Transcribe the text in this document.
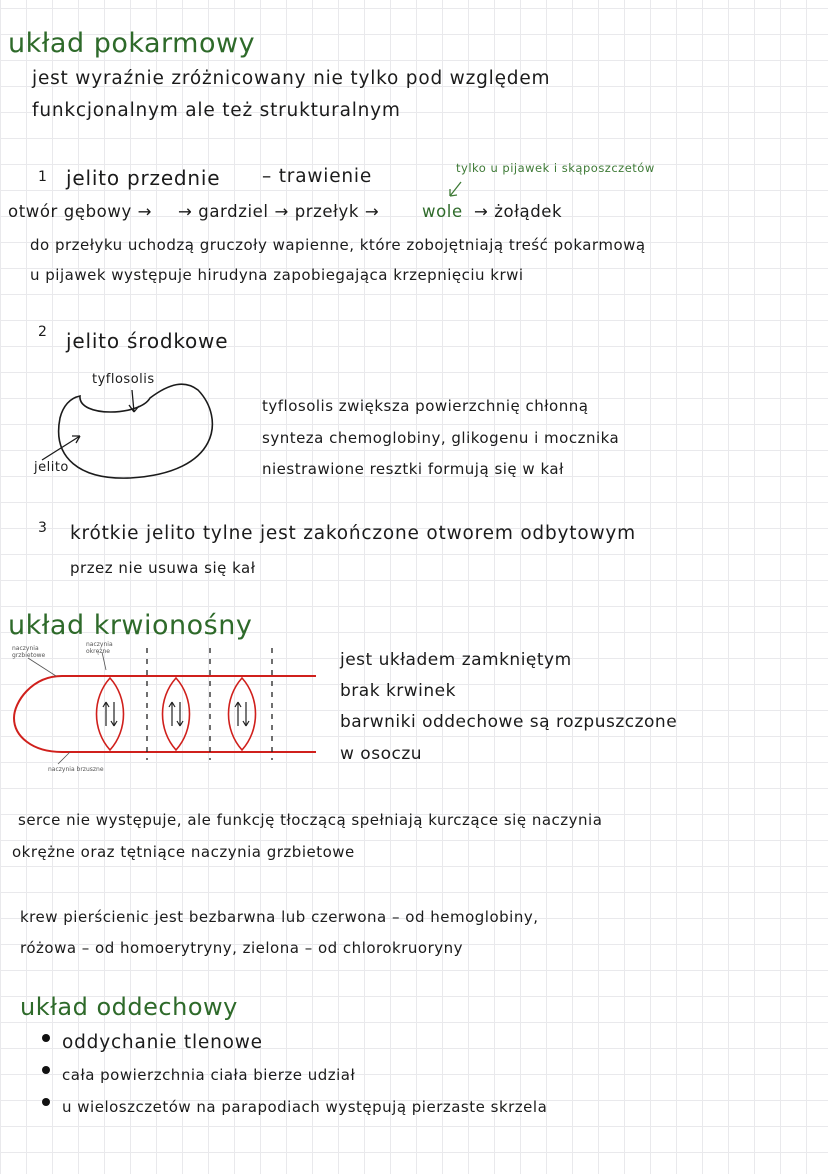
układ pokarmowy
jest wyraźnie zróżnicowany nie tylko pod względem
funkcjonalnym ale też strukturalnym
1 jelito przednie – trawienie	tylko u pijawek i skąposzczetów
otwór gębowy → → gardziel → przełyk →	wole → żołądek
do przełyku uchodzą gruczoły wapienne, które zobojętniają treść pokarmową
u pijawek występuje hirudyna zapobiegająca krzepnięciu krwi
2 jelito środkowe
tyflosolis
jelito
tyflosolis zwiększa powierzchnię chłonną
synteza chemoglobiny, glikogenu i mocznika
niestrawione resztki formują się w kał
3 krótkie jelito tylne jest zakończone otworem odbytowym
przez nie usuwa się kał
układ krwionośny
naczynia grzbietowe
naczynia okrężne
naczynia brzuszne
jest układem zamkniętym
brak krwinek
barwniki oddechowe są rozpuszczone
w osoczu
serce nie występuje, ale funkcję tłoczącą spełniają kurczące się naczynia
okrężne oraz tętniące naczynia grzbietowe
krew pierścienic jest bezbarwna lub czerwona – od hemoglobiny,
różowa – od homoerytryny, zielona – od chlorokruoryny
układ oddechowy
oddychanie tlenowe
cała powierzchnia ciała bierze udział
u wieloszczetów na parapodiach występują pierzaste skrzela
